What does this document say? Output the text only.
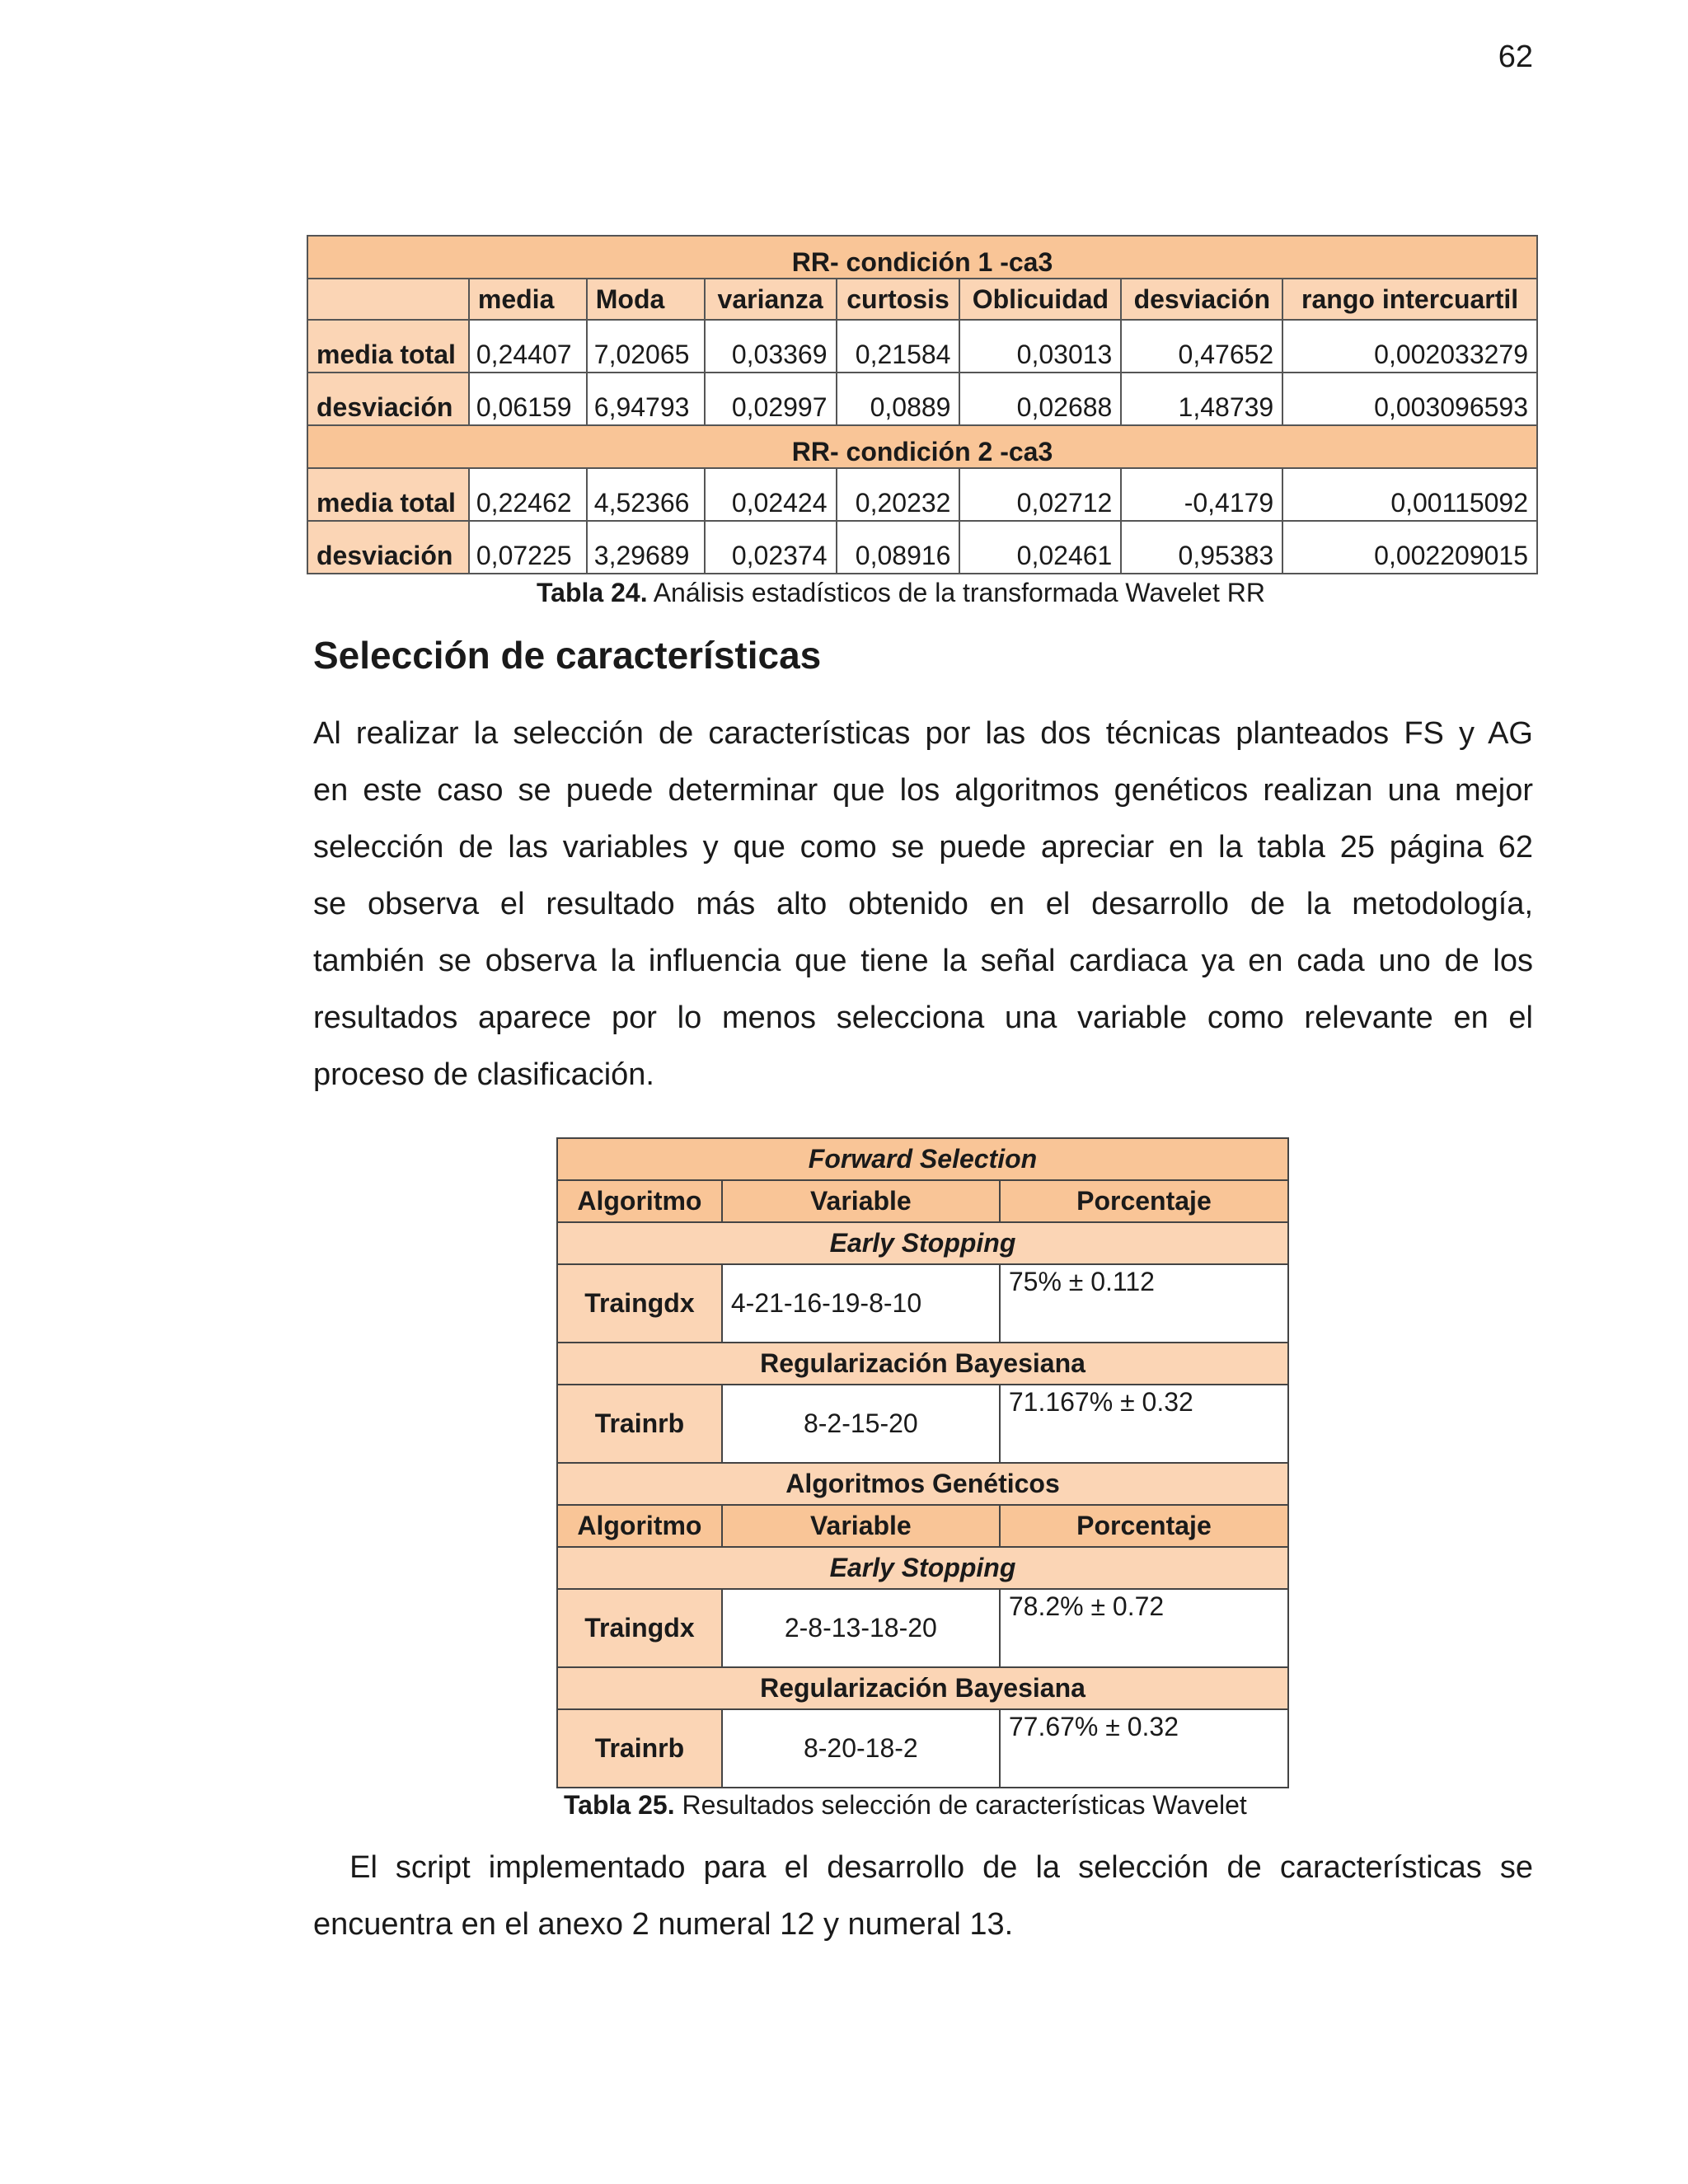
62
RR- condición 1 -ca3							
	media	Moda	varianza	curtosis	Oblicuidad	desviación	rango intercuartil
media total	0,24407	7,02065	0,03369	0,21584	0,03013	0,47652	0,002033279
desviación	0,06159	6,94793	0,02997	0,0889	0,02688	1,48739	0,003096593
RR- condición 2 -ca3							
media total	0,22462	4,52366	0,02424	0,20232	0,02712	-0,4179	0,00115092
desviación	0,07225	3,29689	0,02374	0,08916	0,02461	0,95383	0,002209015
Tabla 24. Análisis estadísticos de la transformada Wavelet RR
Selección de características
Al realizar la selección de características por las dos técnicas planteados FS y AG
en este caso se puede determinar que los algoritmos genéticos realizan una mejor
selección de las variables y que como se puede apreciar en la tabla 25 página 62
se observa el resultado más alto obtenido en el desarrollo de la metodología,
también se observa la influencia que tiene la señal cardiaca ya en cada uno de los
resultados aparece por lo menos selecciona una variable como relevante en el
proceso de clasificación.
Forward Selection		
Algoritmo	Variable	Porcentaje
Early Stopping		
Traingdx	4-21-16-19-8-10	75% ± 0.112
Regularización Bayesiana		
Trainrb	8-2-15-20	71.167% ± 0.32
Algoritmos Genéticos		
Algoritmo	Variable	Porcentaje
Early Stopping		
Traingdx	2-8-13-18-20	78.2% ± 0.72
Regularización Bayesiana		
Trainrb	8-20-18-2	77.67% ± 0.32
Tabla 25. Resultados selección de características Wavelet
El script implementado para el desarrollo de la selección de características se
encuentra en el anexo 2 numeral 12 y numeral 13.
